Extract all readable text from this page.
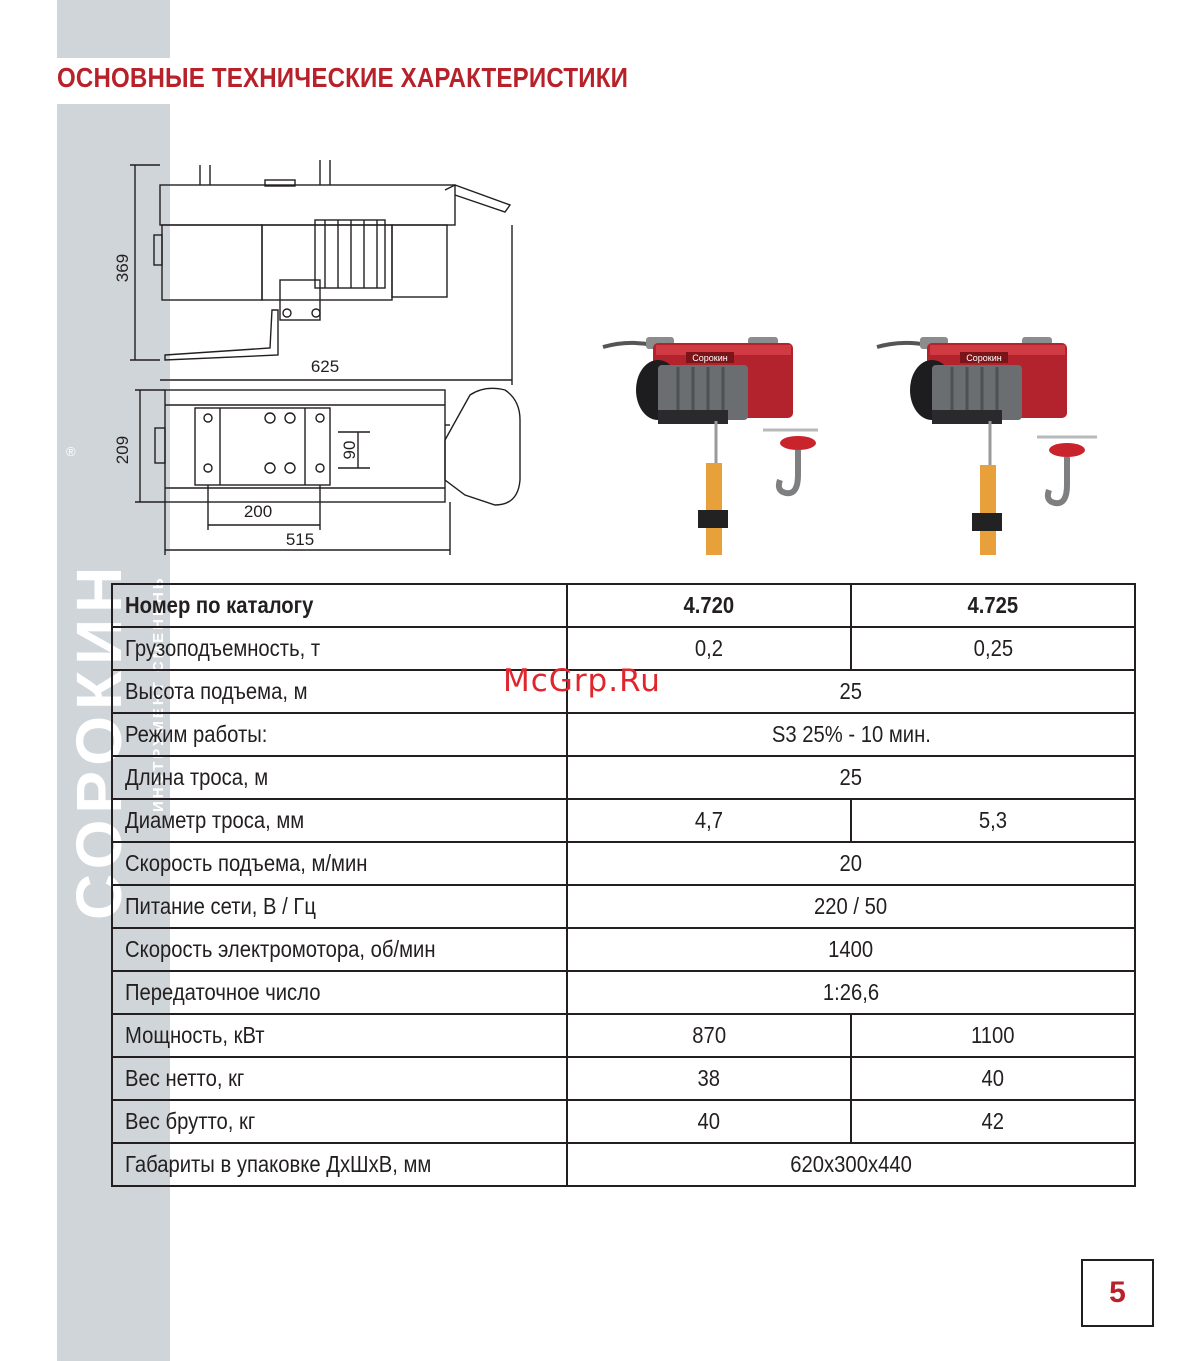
СОРОКИН ИНСТРУМЕНТ СМЕНЕНЬ
®
ОСНОВНЫЕ ТЕХНИЧЕСКИЕ ХАРАКТЕРИСТИКИ
369
625
209	90
200
515
Сорокин	Сорокин
Номер по каталогу	4.720	4.725
Грузоподъемность, т	0,2	0,25
Высота подъема, м	25	
Режим работы:	S3 25% - 10 мин.	
Длина троса, м	25	
Диаметр троса, мм	4,7	5,3
Скорость подъема, м/мин	20	
Питание сети, В / Гц	220 / 50	
Скорость электромотора, об/мин	1400	
Передаточное число	1:26,6	
Мощность, кВт	870	1100
Вес нетто, кг	38	40
Вес брутто, кг	40	42
Габариты в упаковке ДхШхВ, мм	620x300x440	
McGrp.Ru
5
